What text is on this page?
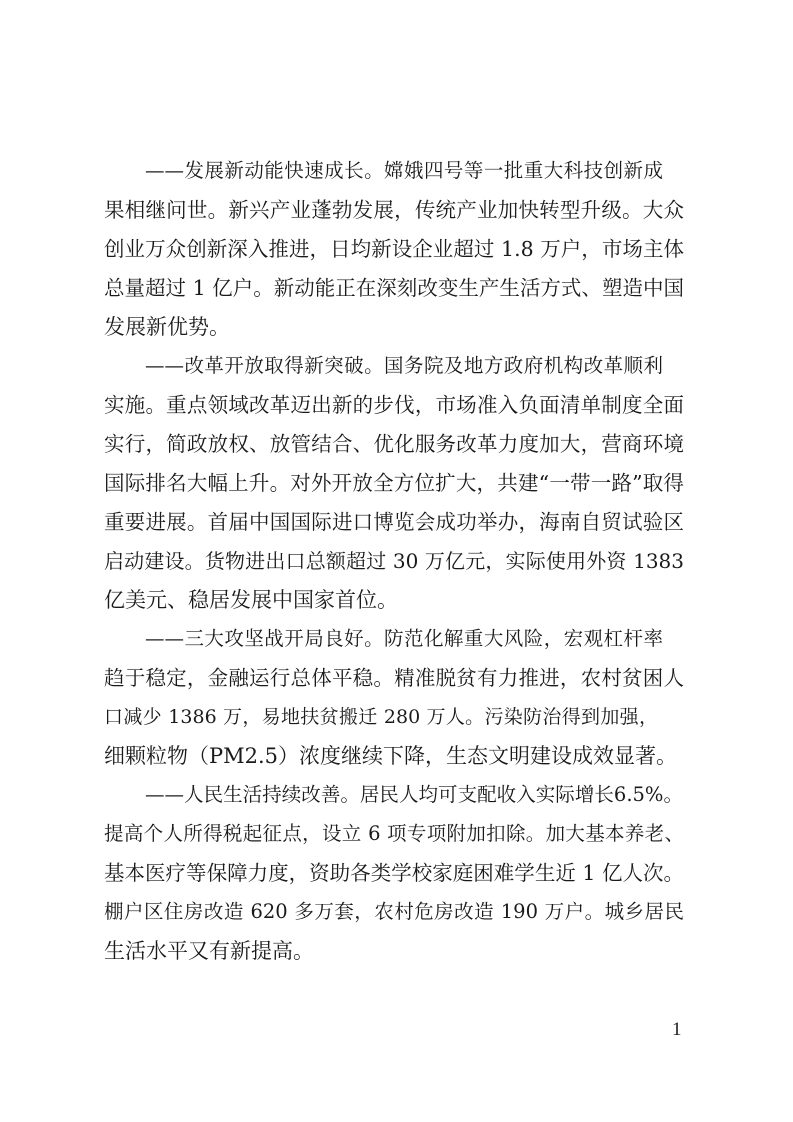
——发展新动能快速成长。嫦娥四号等一批重大科技创新成
果相继问世。新兴产业蓬勃发展，传统产业加快转型升级。大众
创业万众创新深入推进，日均新设企业超过 1.8 万户，市场主体
总量超过 1 亿户。新动能正在深刻改变生产生活方式、塑造中国
发展新优势。
——改革开放取得新突破。国务院及地方政府机构改革顺利
实施。重点领域改革迈出新的步伐，市场准入负面清单制度全面
实行，简政放权、放管结合、优化服务改革力度加大，营商环境
国际排名大幅上升。对外开放全方位扩大，共建“一带一路”取得
重要进展。首届中国国际进口博览会成功举办，海南自贸试验区
启动建设。货物进出口总额超过 30 万亿元，实际使用外资 1383
亿美元、稳居发展中国家首位。
——三大攻坚战开局良好。防范化解重大风险，宏观杠杆率
趋于稳定，金融运行总体平稳。精准脱贫有力推进，农村贫困人
口减少 1386 万，易地扶贫搬迁 280 万人。污染防治得到加强，
细颗粒物（PM2.5）浓度继续下降，生态文明建设成效显著。
——人民生活持续改善。居民人均可支配收入实际增长6.5%。
提高个人所得税起征点，设立 6 项专项附加扣除。加大基本养老、
基本医疗等保障力度，资助各类学校家庭困难学生近 1 亿人次。
棚户区住房改造 620 多万套，农村危房改造 190 万户。城乡居民
生活水平又有新提高。
1
